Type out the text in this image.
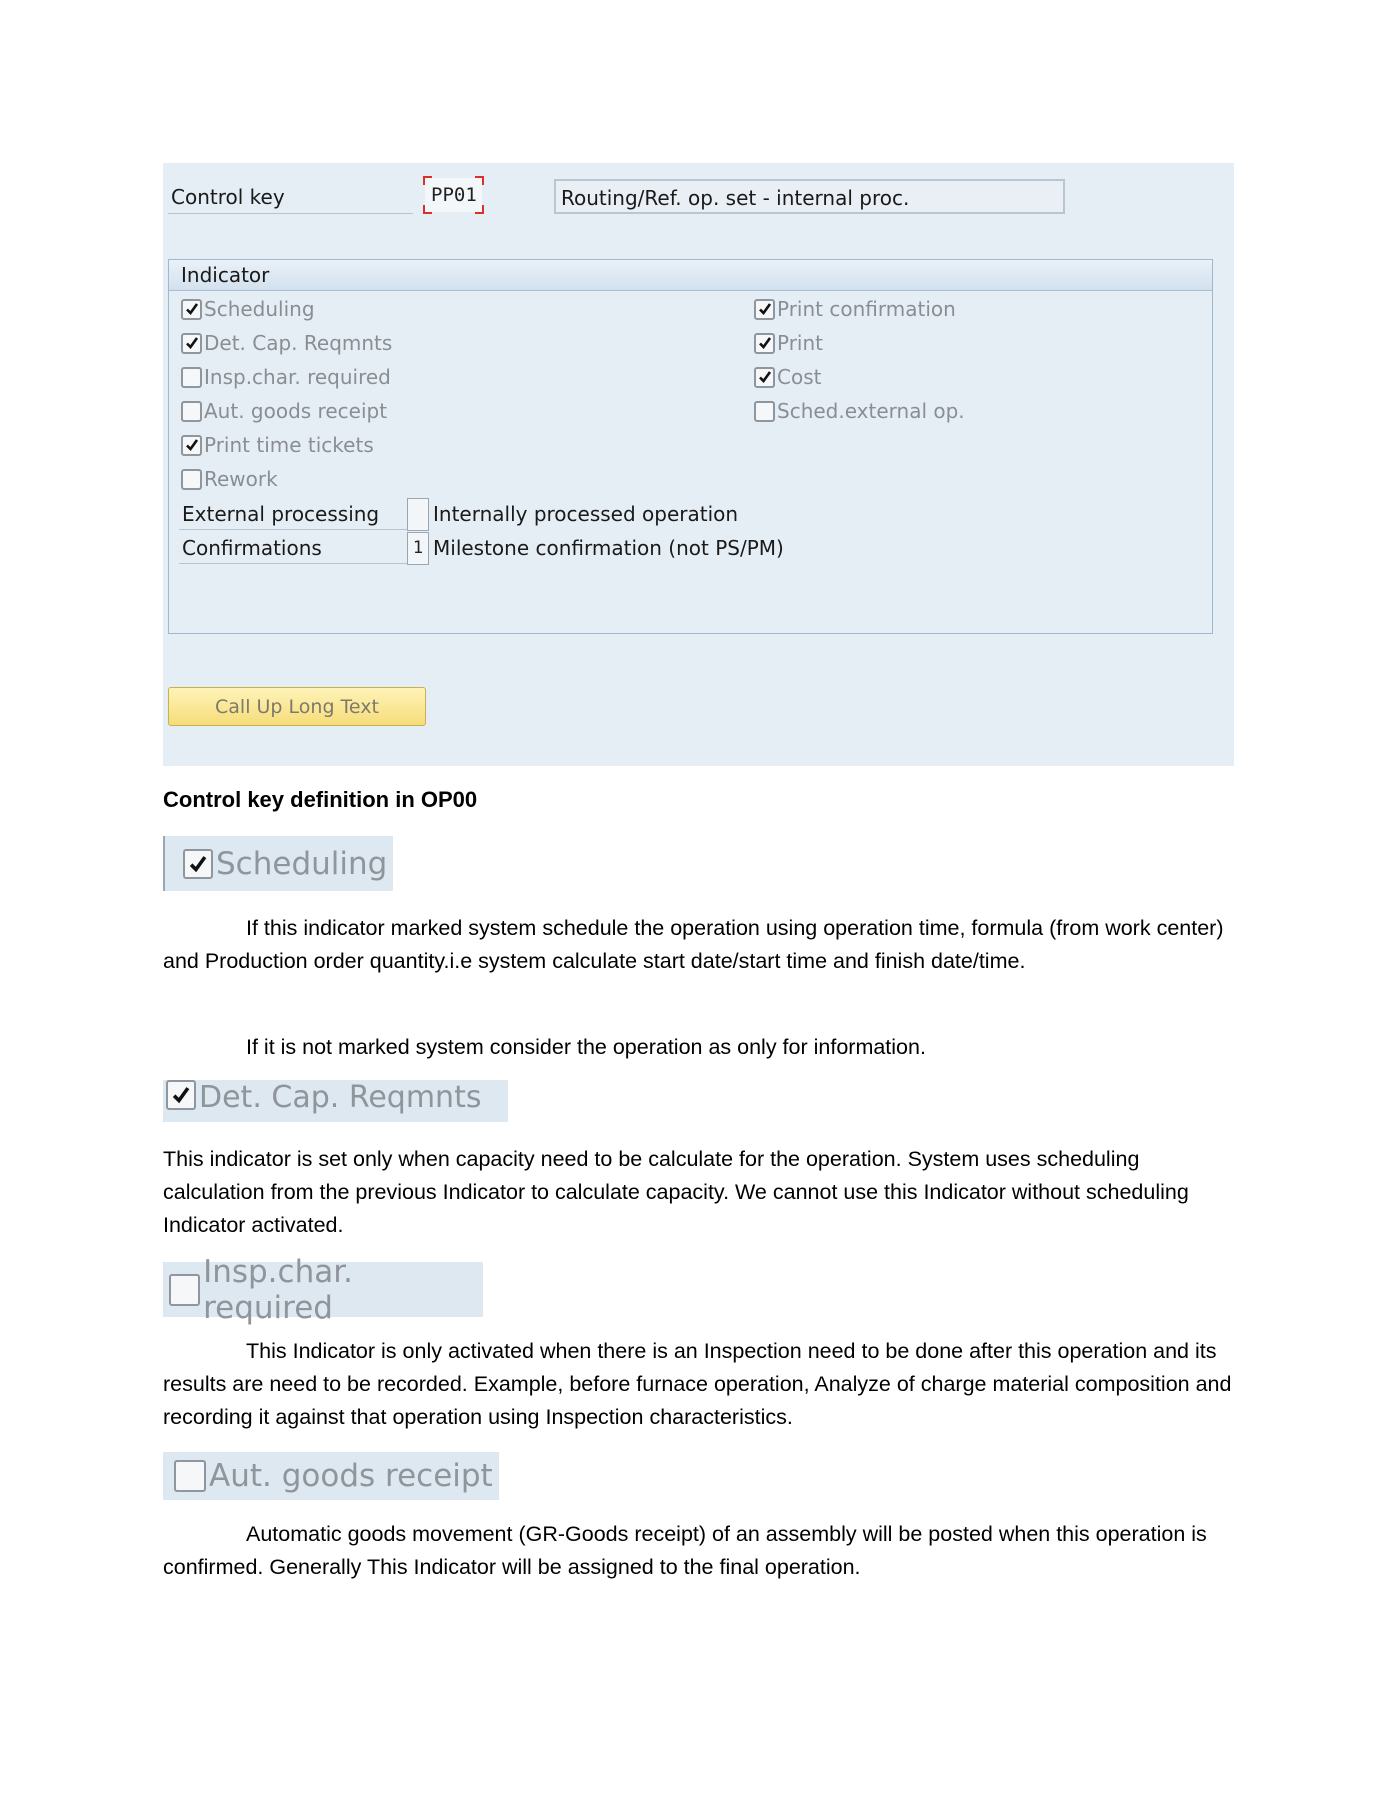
Control key	PP01	Routing/Ref. op. set - internal proc.
Indicator
Scheduling
Det. Cap. Reqmnts
Insp.char. required
Aut. goods receipt
Print time tickets
Rework
Print confirmation
Print
Cost
Sched.external op.
External processing	Internally processed operation
Confirmations	1 Milestone confirmation (not PS/PM)
Call Up Long Text
Control key definition in OP00
Scheduling

If this indicator marked system schedule the operation using operation time, formula (from work center) and Production order quantity.i.e system calculate start date/start time and finish date/time.

If it is not marked system consider the operation as only for information.

Det. Cap. Reqmnts

This indicator is set only when capacity need to be calculate for the operation. System uses scheduling calculation from the previous Indicator to calculate capacity. We cannot use this Indicator without scheduling Indicator activated.

Insp.char. required

This Indicator is only activated when there is an Inspection need to be done after this operation and its results are need to be recorded. Example, before furnace operation, Analyze of charge material composition and recording it against that operation using Inspection characteristics.

Aut. goods receipt

Automatic goods movement (GR-Goods receipt) of an assembly will be posted when this operation is confirmed. Generally This Indicator will be assigned to the final operation.
